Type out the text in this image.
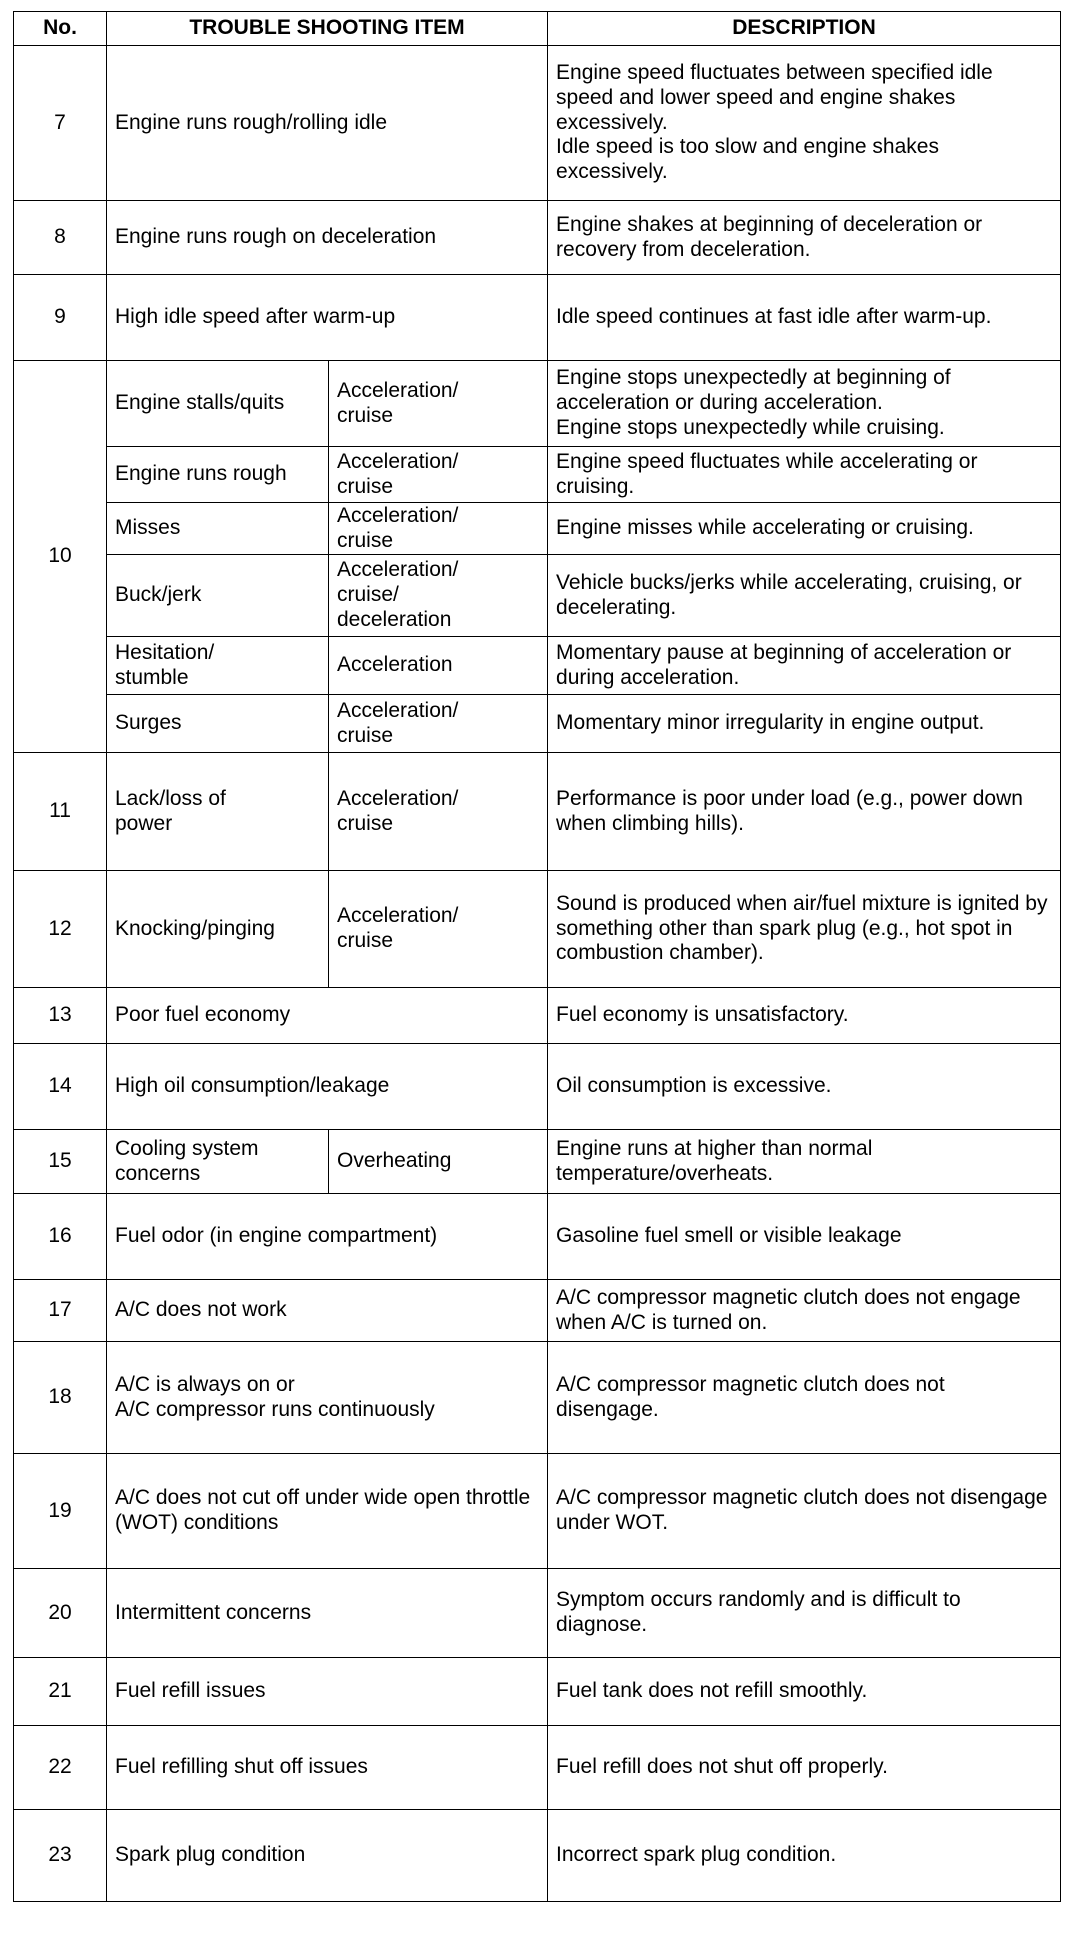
No.	TROUBLE SHOOTING ITEM		DESCRIPTION
7	Engine runs rough/rolling idle		Engine speed fluctuates between specified idle speed and lower speed and engine shakes excessively.
Idle speed is too slow and engine shakes excessively.
8	Engine runs rough on deceleration		Engine shakes at beginning of deceleration or recovery from deceleration.
9	High idle speed after warm-up		Idle speed continues at fast idle after warm-up.
10	Engine stalls/quits	Acceleration/
cruise	Engine stops unexpectedly at beginning of acceleration or during acceleration.
Engine stops unexpectedly while cruising.
	Engine runs rough	Acceleration/
cruise	Engine speed fluctuates while accelerating or cruising.
	Misses	Acceleration/
cruise	Engine misses while accelerating or cruising.
	Buck/jerk	Acceleration/
cruise/
deceleration	Vehicle bucks/jerks while accelerating, cruising, or decelerating.
	Hesitation/
stumble	Acceleration	Momentary pause at beginning of acceleration or during acceleration.
	Surges	Acceleration/
cruise	Momentary minor irregularity in engine output.
11	Lack/loss of
power	Acceleration/
cruise	Performance is poor under load (e.g., power down when climbing hills).
12	Knocking/pinging	Acceleration/
cruise	Sound is produced when air/fuel mixture is ignited by something other than spark plug (e.g., hot spot in combustion chamber).
13	Poor fuel economy		Fuel economy is unsatisfactory.
14	High oil consumption/leakage		Oil consumption is excessive.
15	Cooling system
concerns	Overheating	Engine runs at higher than normal temperature/overheats.
16	Fuel odor (in engine compartment)		Gasoline fuel smell or visible leakage
17	A/C does not work		A/C compressor magnetic clutch does not engage when A/C is turned on.
18	A/C is always on or
A/C compressor runs continuously		A/C compressor magnetic clutch does not disengage.
19	A/C does not cut off under wide open throttle (WOT) conditions		A/C compressor magnetic clutch does not disengage under WOT.
20	Intermittent concerns		Symptom occurs randomly and is difficult to diagnose.
21	Fuel refill issues		Fuel tank does not refill smoothly.
22	Fuel refilling shut off issues		Fuel refill does not shut off properly.
23	Spark plug condition		Incorrect spark plug condition.
